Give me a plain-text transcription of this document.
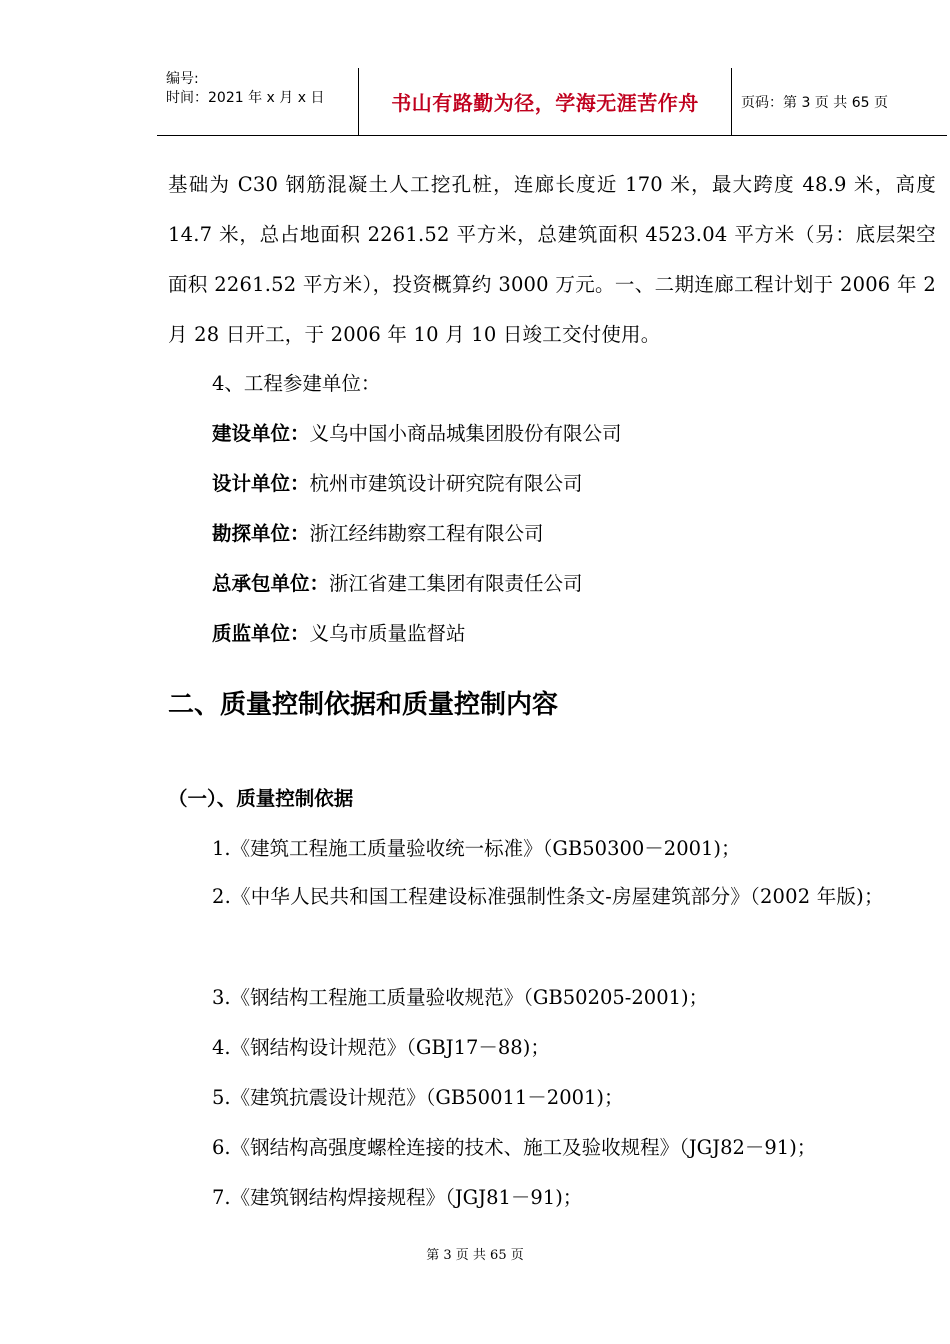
编号:
时间：2021 年 x 月 x 日	书山有路勤为径，学海无涯苦作舟	页码：第 3 页 共 65 页
基础为 C30 钢筋混凝土人工挖孔桩，连廊长度近 170 米，最大跨度 48.9 米，高度 14.7 米，总占地面积 2261.52 平方米，总建筑面积 4523.04 平方米（另：底层架空面积 2261.52 平方米），投资概算约 3000 万元。一、二期连廊工程计划于 2006 年 2 月 28 日开工，于 2006 年 10 月 10 日竣工交付使用。
4、工程参建单位：
建设单位：义乌中国小商品城集团股份有限公司
设计单位：杭州市建筑设计研究院有限公司
勘探单位：浙江经纬勘察工程有限公司
总承包单位：浙江省建工集团有限责任公司
质监单位：义乌市质量监督站
二、质量控制依据和质量控制内容
（一）、质量控制依据
1.《建筑工程施工质量验收统一标准》（GB50300－2001)；
2.《中华人民共和国工程建设标准强制性条文-房屋建筑部分》（2002 年版)；
3.《钢结构工程施工质量验收规范》（GB50205-2001)；
4.《钢结构设计规范》（GBJ17－88)；
5.《建筑抗震设计规范》（GB50011－2001)；
6.《钢结构高强度螺栓连接的技术、施工及验收规程》（JGJ82－91)；
7.《建筑钢结构焊接规程》（JGJ81－91)；
第 3 页 共 65 页
